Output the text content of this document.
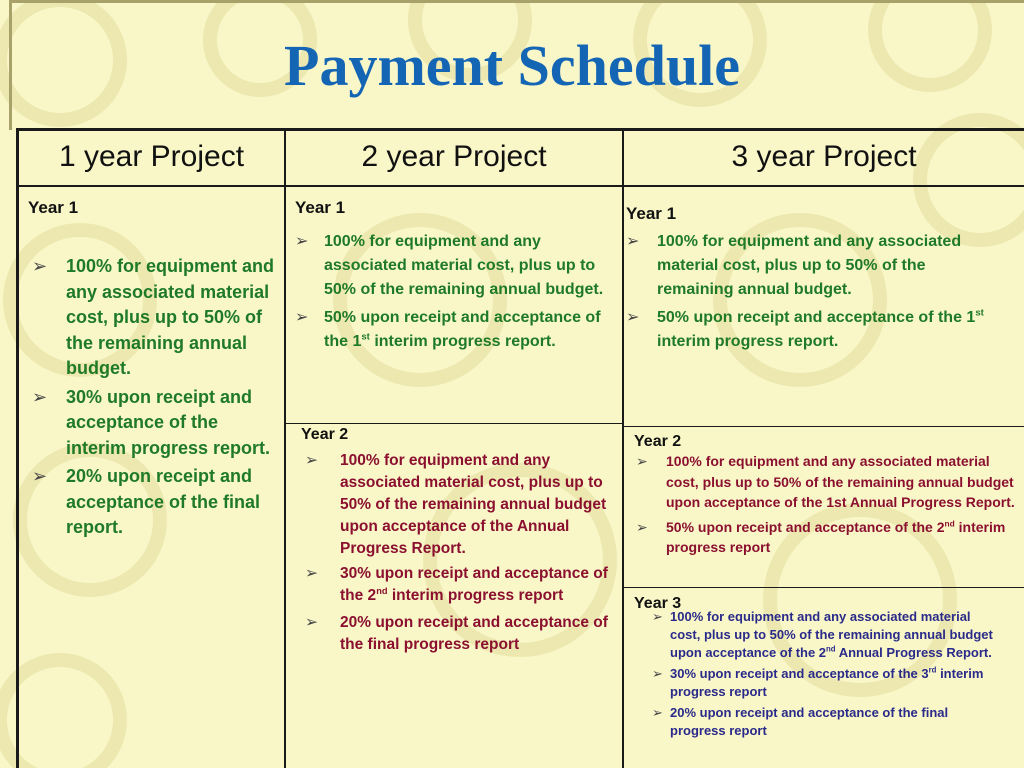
Payment Schedule
1 year Project	2 year Project	3 year Project
Year 1
➢ 100% for equipment and any associated material cost, plus up to 50% of the remaining annual budget.
➢ 30% upon receipt and acceptance of the interim progress report.
➢ 20% upon receipt and acceptance of the final report.
Year 1
➢ 100% for equipment and any associated material cost, plus up to 50% of the remaining annual budget.
➢ 50% upon receipt and acceptance of the 1st interim progress report.
Year 2
➢ 100% for equipment and any associated material cost, plus up to 50% of the remaining annual budget upon acceptance of the Annual Progress Report.
➢ 30% upon receipt and acceptance of the 2nd interim progress report
➢ 20% upon receipt and acceptance of the final progress report
Year 1
➢ 100% for equipment and any associated material cost, plus up to 50% of the remaining annual budget.
➢ 50% upon receipt and acceptance of the 1st interim progress report.
Year 2
➢ 100% for equipment and any associated material cost, plus up to 50% of the remaining annual budget upon acceptance of the 1st Annual Progress Report.
➢ 50% upon receipt and acceptance of the 2nd interim progress report
Year 3
➢ 100% for equipment and any associated material cost, plus up to 50% of the remaining annual budget upon acceptance of the 2nd Annual Progress Report.
➢ 30% upon receipt and acceptance of the 3rd interim progress report
➢ 20% upon receipt and acceptance of the final progress report
